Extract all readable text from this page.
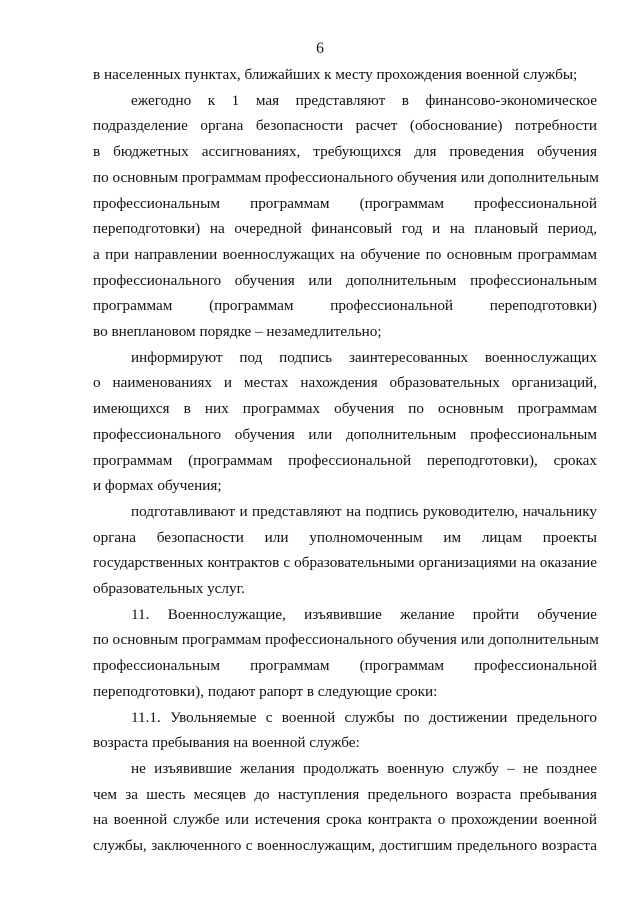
6
в населенных пунктах, ближайших к месту прохождения военной службы;
ежегодно к 1 мая представляют в финансово-экономическое
подразделение органа безопасности расчет (обоснование) потребности
в бюджетных ассигнованиях, требующихся для проведения обучения
по основным программам профессионального обучения или дополнительным
профессиональным программам (программам профессиональной
переподготовки) на очередной финансовый год и на плановый период,
а при направлении военнослужащих на обучение по основным программам
профессионального обучения или дополнительным профессиональным
программам (программам профессиональной переподготовки)
во внеплановом порядке – незамедлительно;
информируют под подпись заинтересованных военнослужащих
о наименованиях и местах нахождения образовательных организаций,
имеющихся в них программах обучения по основным программам
профессионального обучения или дополнительным профессиональным
программам (программам профессиональной переподготовки), сроках
и формах обучения;
подготавливают и представляют на подпись руководителю, начальнику
органа безопасности или уполномоченным им лицам проекты
государственных контрактов с образовательными организациями на оказание
образовательных услуг.
11. Военнослужащие, изъявившие желание пройти обучение
по основным программам профессионального обучения или дополнительным
профессиональным программам (программам профессиональной
переподготовки), подают рапорт в следующие сроки:
11.1. Увольняемые с военной службы по достижении предельного
возраста пребывания на военной службе:
не изъявившие желания продолжать военную службу – не позднее
чем за шесть месяцев до наступления предельного возраста пребывания
на военной службе или истечения срока контракта о прохождении военной
службы, заключенного с военнослужащим, достигшим предельного возраста
